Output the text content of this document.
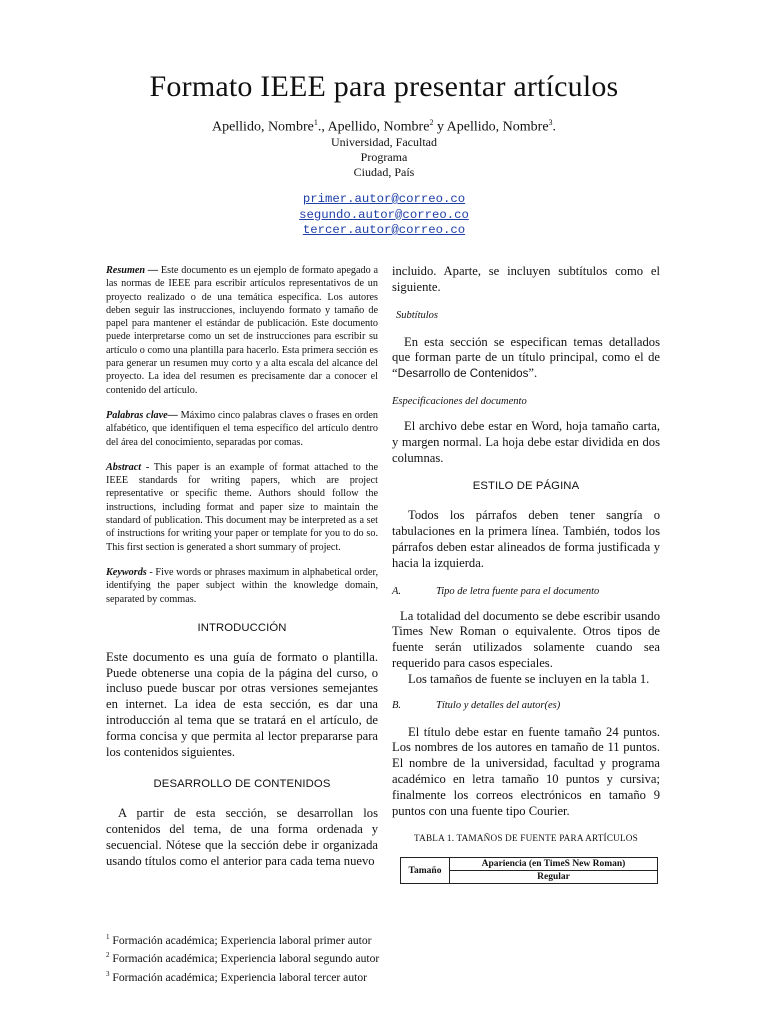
Formato IEEE para presentar artículos
Apellido, Nombre$^1$., Apellido, Nombre$^2$ y Apellido, Nombre$^3$.
Universidad, Facultad
Programa
Ciudad, País
primer.autor@correo.co
segundo.autor@correo.co
tercer.autor@correo.co

Resumen — Este documento es un ejemplo de formato apegado a las normas de IEEE para escribir artículos representativos de un proyecto realizado o de una temática específica. Los autores deben seguir las instrucciones, incluyendo formato y tamaño de papel para mantener el estándar de publicación. Este documento puede interpretarse como un set de instrucciones para escribir su artículo o como una plantilla para hacerlo. Esta primera sección es para generar un resumen muy corto y a alta escala del alcance del proyecto. La idea del resumen es precisamente dar a conocer el contenido del artículo.

Palabras clave— Máximo cinco palabras claves o frases en orden alfabético, que identifiquen el tema específico del artículo dentro del área del conocimiento, separadas por comas.

Abstract - This paper is an example of format attached to the IEEE standards for writing papers, which are project representative or specific theme. Authors should follow the instructions, including format and paper size to maintain the standard of publication. This document may be interpreted as a set of instructions for writing your paper or template for you to do so. This first section is generated a short summary of project.

Keywords - Five words or phrases maximum in alphabetical order, identifying the paper subject within the knowledge domain, separated by commas.

INTRODUCCIÓN

Este documento es una guía de formato o plantilla. Puede obtenerse una copia de la página del curso, o incluso puede buscar por otras versiones semejantes en internet. La idea de esta sección, es dar una introducción al tema que se tratará en el artículo, de forma concisa y que permita al lector prepararse para los contenidos siguientes.

DESARROLLO DE CONTENIDOS

A partir de esta sección, se desarrollan los contenidos del tema, de una forma ordenada y secuencial. Nótese que la sección debe ir organizada usando títulos como el anterior para cada tema nuevo

incluido. Aparte, se incluyen subtítulos como el siguiente.

Subtítulos

En esta sección se especifican temas detallados que forman parte de un título principal, como el de “Desarrollo de Contenidos”.

Especificaciones del documento

El archivo debe estar en Word, hoja tamaño carta, y margen normal. La hoja debe estar dividida en dos columnas.

ESTILO DE PÁGINA

Todos los párrafos deben tener sangría o tabulaciones en la primera línea. También, todos los párrafos deben estar alineados de forma justificada y hacia la izquierda.

A.	Tipo de letra fuente para el documento

La totalidad del documento se debe escribir usando Times New Roman o equivalente. Otros tipos de fuente serán utilizados solamente cuando sea requerido para casos especiales.

Los tamaños de fuente se incluyen en la tabla 1.

B.	Título y detalles del autor(es)

El título debe estar en fuente tamaño 24 puntos. Los nombres de los autores en tamaño de 11 puntos. El nombre de la universidad, facultad y programa académico en letra tamaño 10 puntos y cursiva; finalmente los correos electrónicos en tamaño 9 puntos con una fuente tipo Courier.

TABLA 1. TAMAÑOS DE FUENTE PARA ARTÍCULOS
Tamaño	Apariencia (en TimeS New Roman)
Regular
$^1$ Formación académica; Experiencia laboral primer autor
$^2$ Formación académica; Experiencia laboral segundo autor
$^3$ Formación académica; Experiencia laboral tercer autor
